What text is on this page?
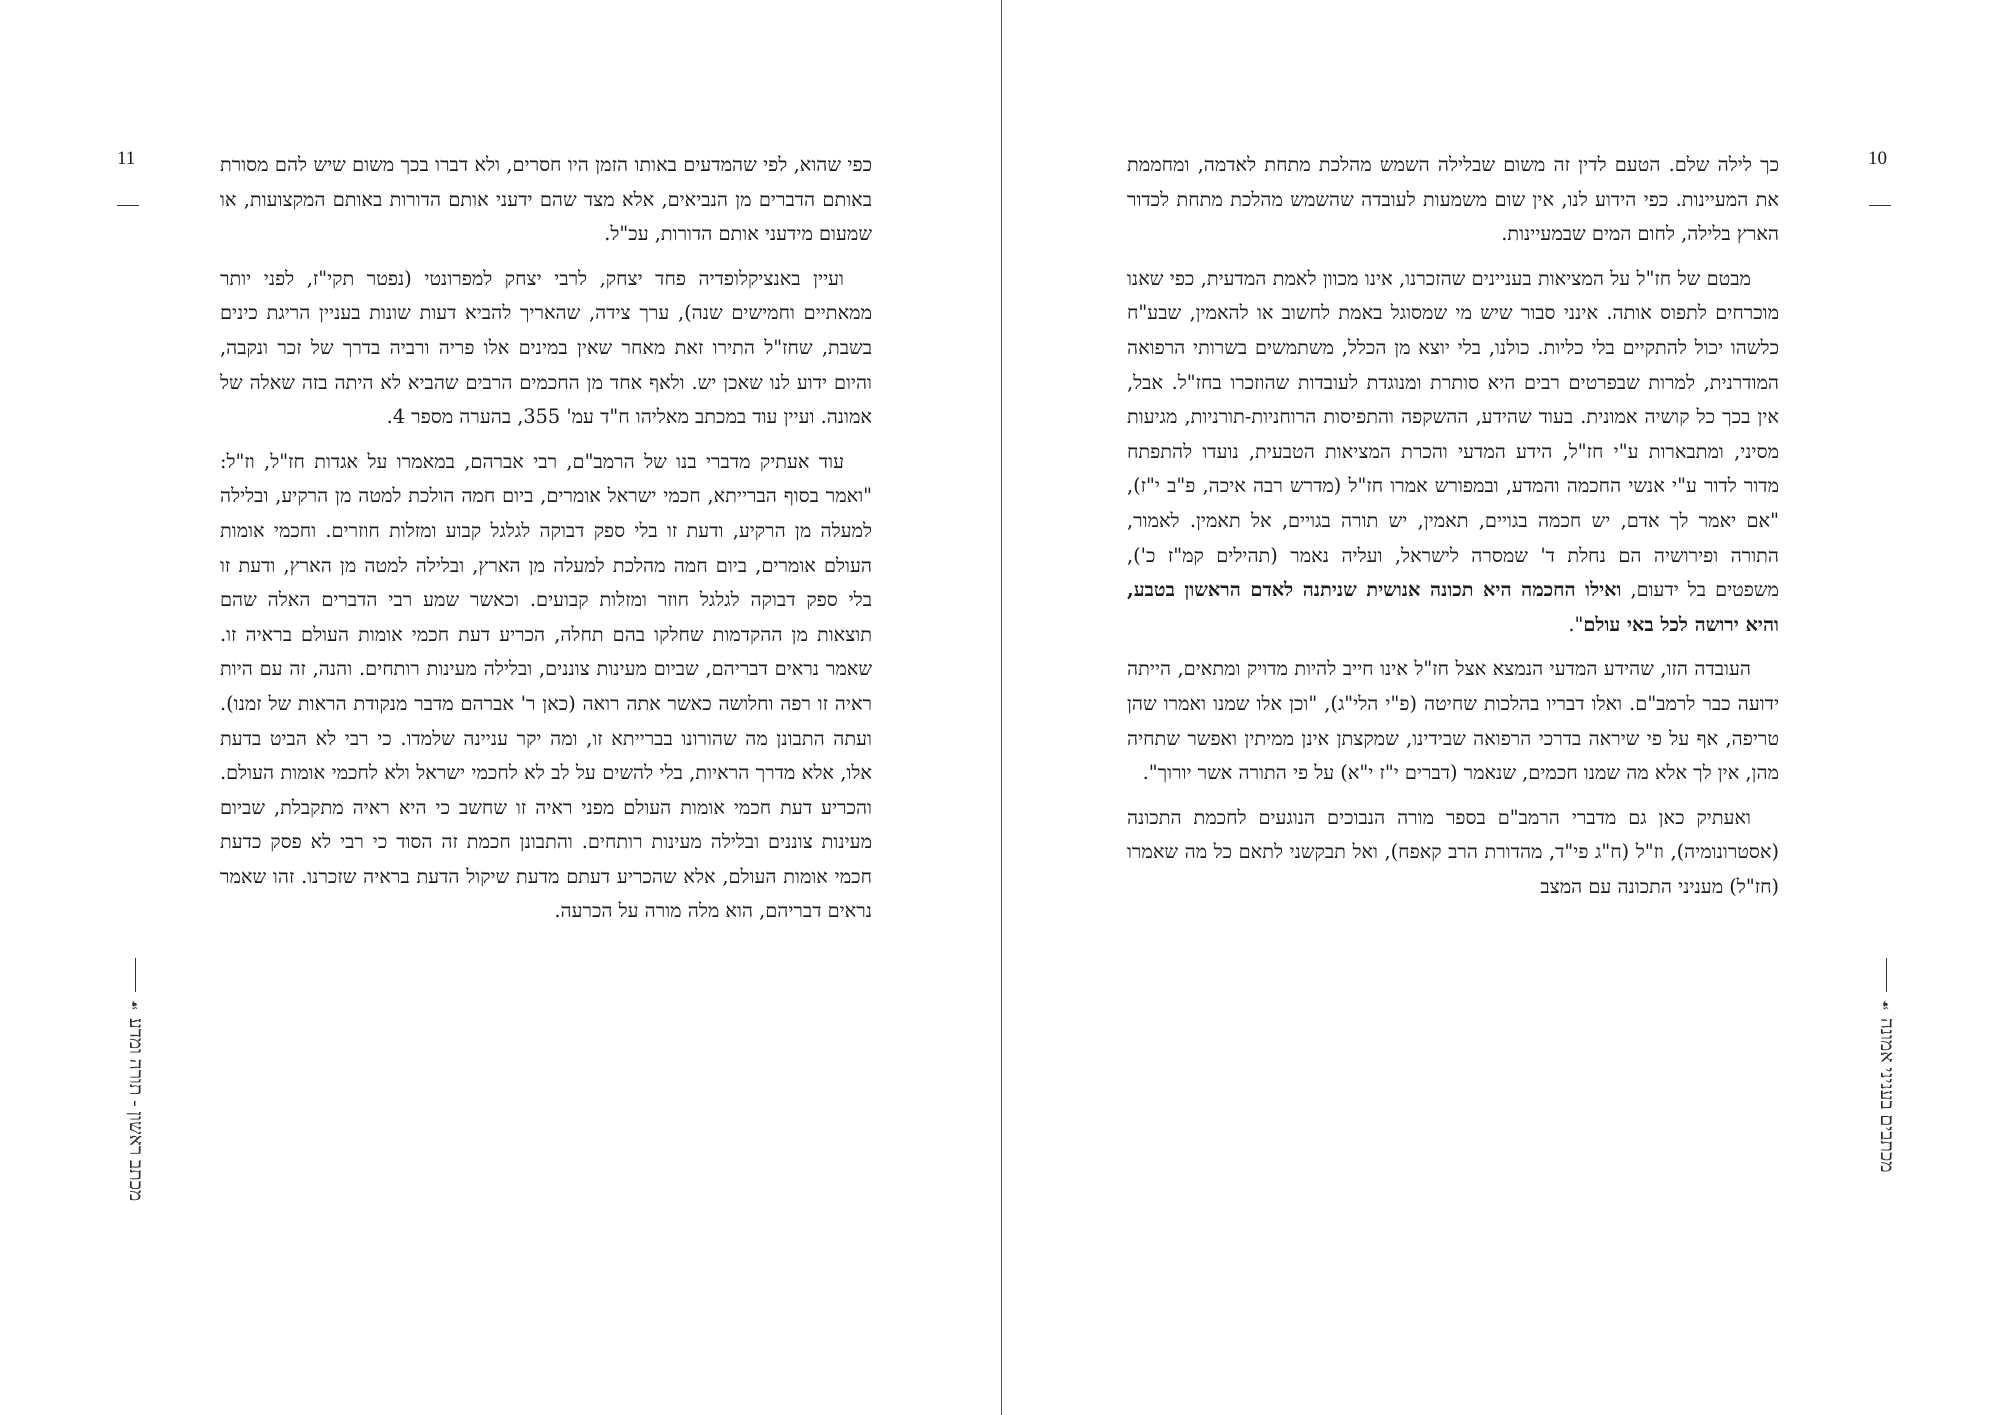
11	כפי שהוא, לפי שהמדעים באותו הזמן היו חסרים, ולא דברו בכך משום שיש להם מסורת באותם הדברים מן הנביאים, אלא מצד שהם ידעני אותם הדורות באותם המקצועות, או שמעום מידעני אותם הדורות, עכ"ל.

ועיין באנציקלופדיה פחד יצחק, לרבי יצחק למפרונטי (נפטר תקי"ז, לפני יותר ממאתיים וחמישים שנה), ערך צידה, שהאריך להביא דעות שונות בעניין הריגת כינים בשבת, שחז"ל התירו זאת מאחר שאין במינים אלו פריה ורביה בדרך של זכר ונקבה, והיום ידוע לנו שאכן יש. ולאף אחד מן החכמים הרבים שהביא לא היתה בזה שאלה של אמונה. ועיין עוד במכתב מאליהו ח"ד עמ' 355, בהערה מספר 4.

עוד אעתיק מדברי בנו של הרמב"ם, רבי אברהם, במאמרו על אגדות חז"ל, וז"ל: "ואמר בסוף הברייתא, חכמי ישראל אומרים, ביום חמה הולכת למטה מן הרקיע, ובלילה למעלה מן הרקיע, ודעת זו בלי ספק דבוקה לגלגל קבוע ומזלות חוזרים. וחכמי אומות העולם אומרים, ביום חמה מהלכת למעלה מן הארץ, ובלילה למטה מן הארץ, ודעת זו בלי ספק דבוקה לגלגל חוזר ומזלות קבועים. וכאשר שמע רבי הדברים האלה שהם תוצאות מן ההקדמות שחלקו בהם תחלה, הכריע דעת חכמי אומות העולם בראיה זו. שאמר נראים דבריהם, שביום מעינות צוננים, ובלילה מעינות רותחים. והנה, זה עם היות ראיה זו רפה וחלושה כאשר אתה רואה (כאן ר' אברהם מדבר מנקודת הראות של זמנו). ועתה התבונן מה שהורונו בברייתא זו, ומה יקר עניינה שלמדו. כי רבי לא הביט בדעת אלו, אלא מדרך הראיות, בלי להשים על לב לא לחכמי ישראל ולא לחכמי אומות העולם. והכריע דעת חכמי אומות העולם מפני ראיה זו שחשב כי היא ראיה מתקבלת, שביום מעינות צוננים ובלילה מעינות רותחים. והתבונן חכמת זה הסוד כי רבי לא פסק כדעת חכמי אומות העולם, אלא שהכריע דעתם מדעת שיקול הדעת בראיה שזכרנו. זהו שאמר נראים דבריהם, הוא מלה מורה על הכרעה.

☙
מכתב ראשון - תורה ומדע
10

כך לילה שלם. הטעם לדין זה משום שבלילה השמש מהלכת מתחת לאדמה, ומחממת את המעיינות. כפי הידוע לנו, אין שום משמעות לעובדה שהשמש מהלכת מתחת לכדור הארץ בלילה, לחום המים שבמעיינות.

מבטם של חז"ל על המציאות בעניינים שהזכרנו, אינו מכוון לאמת המדעית, כפי שאנו מוכרחים לתפוס אותה. אינני סבור שיש מי שמסוגל באמת לחשוב או להאמין, שבע"ח כלשהו יכול להתקיים בלי כליות. כולנו, בלי יוצא מן הכלל, משתמשים בשרותי הרפואה המודרנית, למרות שבפרטים רבים היא סותרת ומנוגדת לעובדות שהוזכרו בחז"ל. אבל, אין בכך כל קושיה אמונית. בעוד שהידע, ההשקפה והתפיסות הרוחניות-תורניות, מגיעות מסיני, ומתבארות ע"י חז"ל, הידע המדעי והכרת המציאות הטבעית, נועדו להתפתח מדור לדור ע"י אנשי החכמה והמדע, ובמפורש אמרו חז"ל (מדרש רבה איכה, פ"ב י"ז), "אם יאמר לך אדם, יש חכמה בגויים, תאמין, יש תורה בגויים, אל תאמין. לאמור, התורה ופירושיה הם נחלת ד' שמסרה לישראל, ועליה נאמר (תהילים קמ"ז כ'), משפטים בל ידעום, ואילו החכמה היא תכונה אנושית שניתנה לאדם הראשון בטבע, והיא ירושה לכל באי עולם".

העובדה הזו, שהידע המדעי הנמצא אצל חז"ל אינו חייב להיות מדויק ומתאים, הייתה ידועה כבר לרמב"ם. ואלו דבריו בהלכות שחיטה (פ"י הלי"ג), "וכן אלו שמנו ואמרו שהן טריפה, אף על פי שיראה בדרכי הרפואה שבידינו, שמקצתן אינן ממיתין ואפשר שתחיה מהן, אין לך אלא מה שמנו חכמים, שנאמר (דברים י"ז י"א) על פי התורה אשר יורוך".

ואעתיק כאן גם מדברי הרמב"ם בספר מורה הנבוכים הנוגעים לחכמת התכונה (אסטרונומיה), וז"ל (ח"ג פי"ד, מהדורת הרב קאפח), ואל תבקשני לתאם כל מה שאמרו (חז"ל) מעניני התכונה עם המצב

☙
מכתבים בעניני אמונה
